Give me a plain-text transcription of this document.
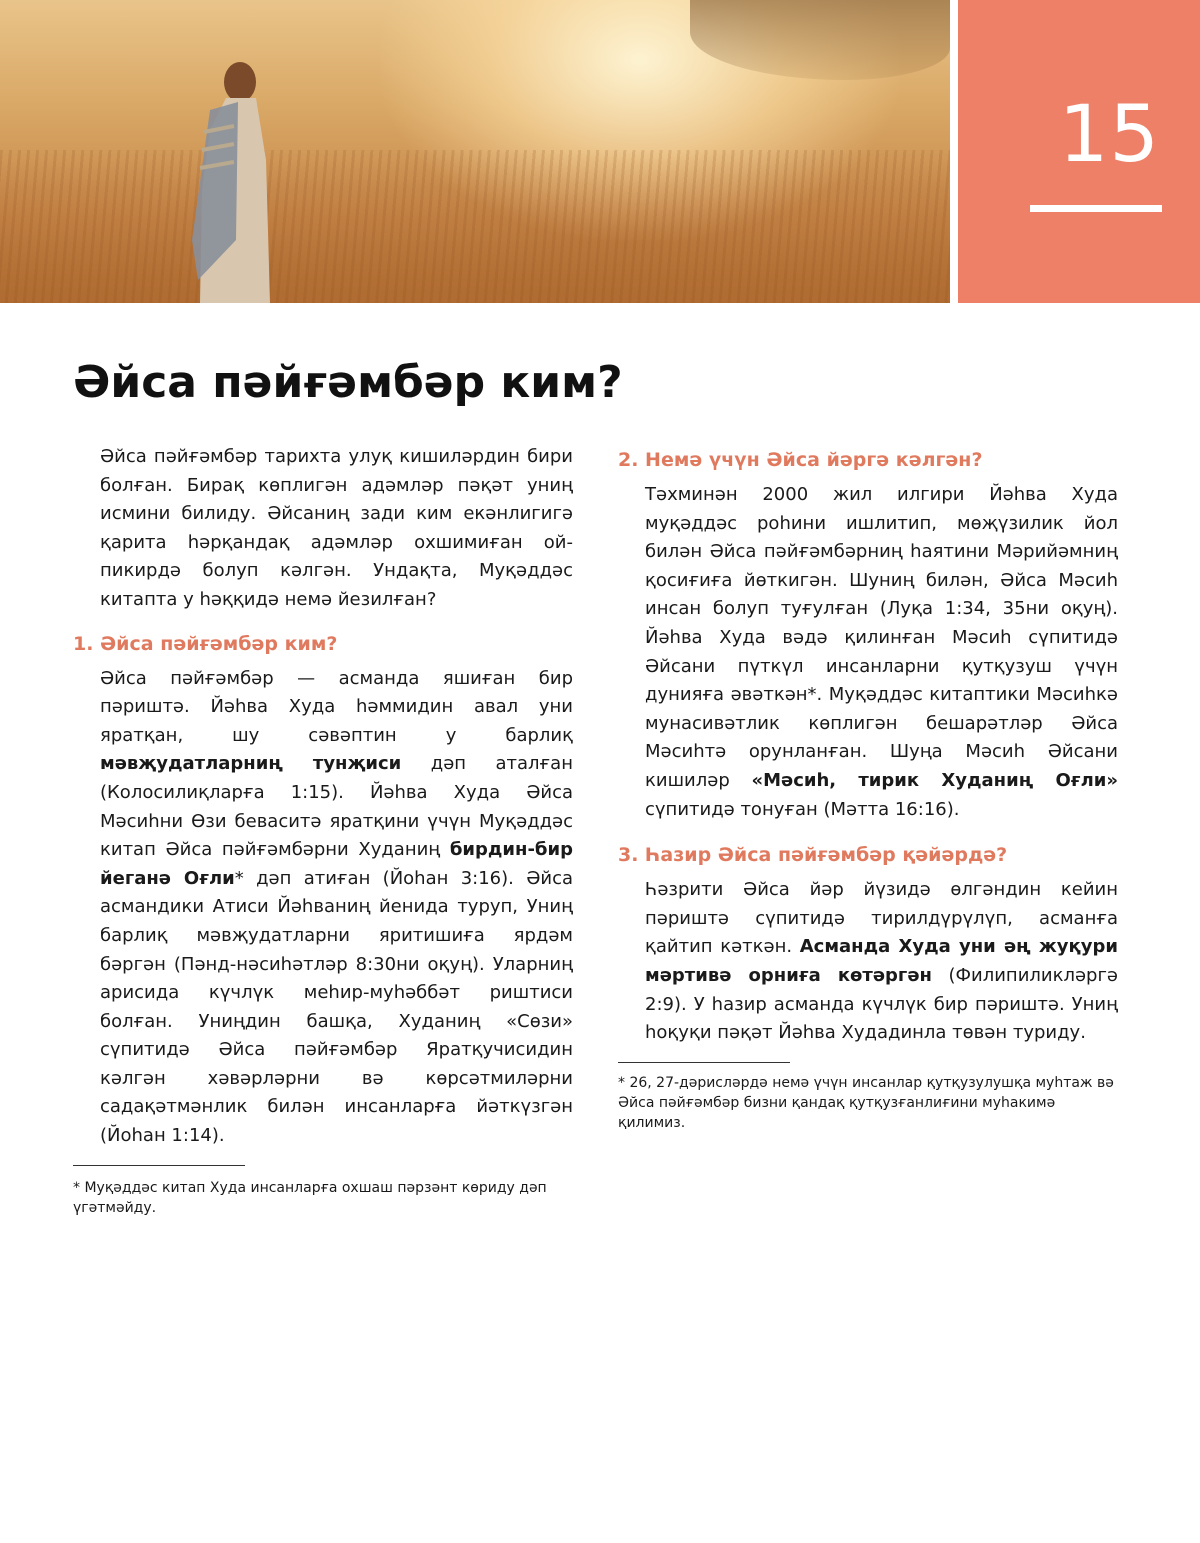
15
Әйса пәйғәмбәр ким?

Әйса пәйғәмбәр тарихта улуқ кишиләрдин бири болған. Бирақ көплигән адәмләр пәқәт униң исмини билиду. Әйсаниң зади ким екәнлигигә қарита һәрқандақ адәмләр охшимиған ой-пикирдә болуп кәлгән. Ундақта, Муқәддәс китапта у һәққидә немә йезилған?

1. Әйса пәйғәмбәр ким?

Әйса пәйғәмбәр — асманда яшиған бир пәриштә. Йәһва Худа һәммидин авал уни яратқан, шу сәвәптин у барлиқ мәвҗудатларниң тунҗиси дәп аталған (Колосилиқларға 1:15). Йәһва Худа Әйса Мәсиһни Өзи беваситә яратқини үчүн Муқәддәс китап Әйса пәйғәмбәрни Худаниң бирдин-бир йеганә Оғли* дәп атиған (Йоһан 3:16). Әйса асмандики Атиси Йәһваниң йенида туруп, Униң барлиқ мәвҗудатларни яритишиға ярдәм бәргән (Пәнд-нәсиһәтләр 8:30ни оқуң). Уларниң арисида күчлүк меһир-муһәббәт риштиси болған. Униңдин башқа, Худаниң «Сөзи» сүпитидә Әйса пәйғәмбәр Яратқучисидин кәлгән хәвәрләрни вә көрсәтмиләрни садақәтмәнлик билән инсанларға йәткүзгән (Йоһан 1:14).

* Муқәддәс китап Худа инсанларға охшаш пәрзәнт көриду дәп үгәтмәйду.

2. Немә үчүн Әйса йәргә кәлгән?

Тәхминән 2000 жил илгири Йәһва Худа муқәддәс роһини ишлитип, мөҗүзилик йол билән Әйса пәйғәмбәрниң һаятини Мәрийәмниң қосиғиға йөткигән. Шуниң билән, Әйса Мәсиһ инсан болуп туғулған (Луқа 1:34, 35ни оқуң). Йәһва Худа вәдә қилинған Мәсиһ сүпитидә Әйсани пүткүл инсанларни қутқузуш үчүн дунияға әвәткән*. Муқәддәс китаптики Мәсиһкә мунасивәтлик көплигән бешарәтләр Әйса Мәсиһтә орунланған. Шуңа Мәсиһ Әйсани кишиләр «Мәсиһ, тирик Худаниң Оғли» сүпитидә тонуған (Мәтта 16:16).

3. Һазир Әйса пәйғәмбәр қәйәрдә?

Һәзрити Әйса йәр йүзидә өлгәндин кейин пәриштә сүпитидә тирилдүрүлүп, асманға қайтип кәткән. Асманда Худа уни әң жуқури мәртивә орниға көтәргән (Филипиликләргә 2:9). У һазир асманда күчлүк бир пәриштә. Униң һоқуқи пәқәт Йәһва Худадинла төвән туриду.

* 26, 27-дәрисләрдә немә үчүн инсанлар қутқузулушқа муһтаж вә Әйса пәйғәмбәр бизни қандақ қутқузғанлиғини муһакимә қилимиз.
